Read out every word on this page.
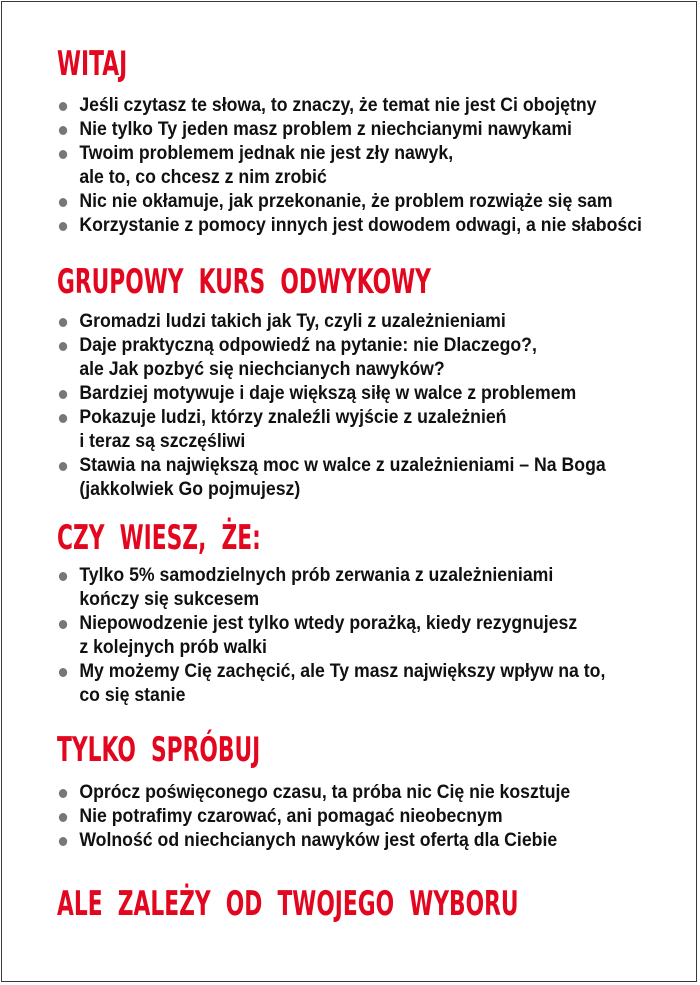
WITAJ
Jeśli czytasz te słowa, to znaczy, że temat nie jest Ci obojętny
Nie tylko Ty jeden masz problem z niechcianymi nawykami
Twoim problemem jednak nie jest zły nawyk,
ale to, co chcesz z nim zrobić
Nic nie okłamuje, jak przekonanie, że problem rozwiąże się sam
Korzystanie z pomocy innych jest dowodem odwagi, a nie słabości
GRUPOWY  KURS  ODWYKOWY
Gromadzi ludzi takich jak Ty, czyli z uzależnieniami
Daje praktyczną odpowiedź na pytanie: nie Dlaczego?,
ale Jak pozbyć się niechcianych nawyków?
Bardziej motywuje i daje większą siłę w walce z problemem
Pokazuje ludzi, którzy znaleźli wyjście z uzależnień
i teraz są szczęśliwi
Stawia na największą moc w walce z uzależnieniami – Na Boga
(jakkolwiek Go pojmujesz)
CZY  WIESZ,  ŻE:
Tylko 5% samodzielnych prób zerwania z uzależnieniami
kończy się sukcesem
Niepowodzenie jest tylko wtedy porażką, kiedy rezygnujesz
z kolejnych prób walki
My możemy Cię zachęcić, ale Ty masz największy wpływ na to,
co się stanie
TYLKO  SPRÓBUJ
Oprócz poświęconego czasu, ta próba nic Cię nie kosztuje
Nie potrafimy czarować, ani pomagać nieobecnym
Wolność od niechcianych nawyków jest ofertą dla Ciebie
ALE  ZALEŻY  OD  TWOJEGO  WYBORU
